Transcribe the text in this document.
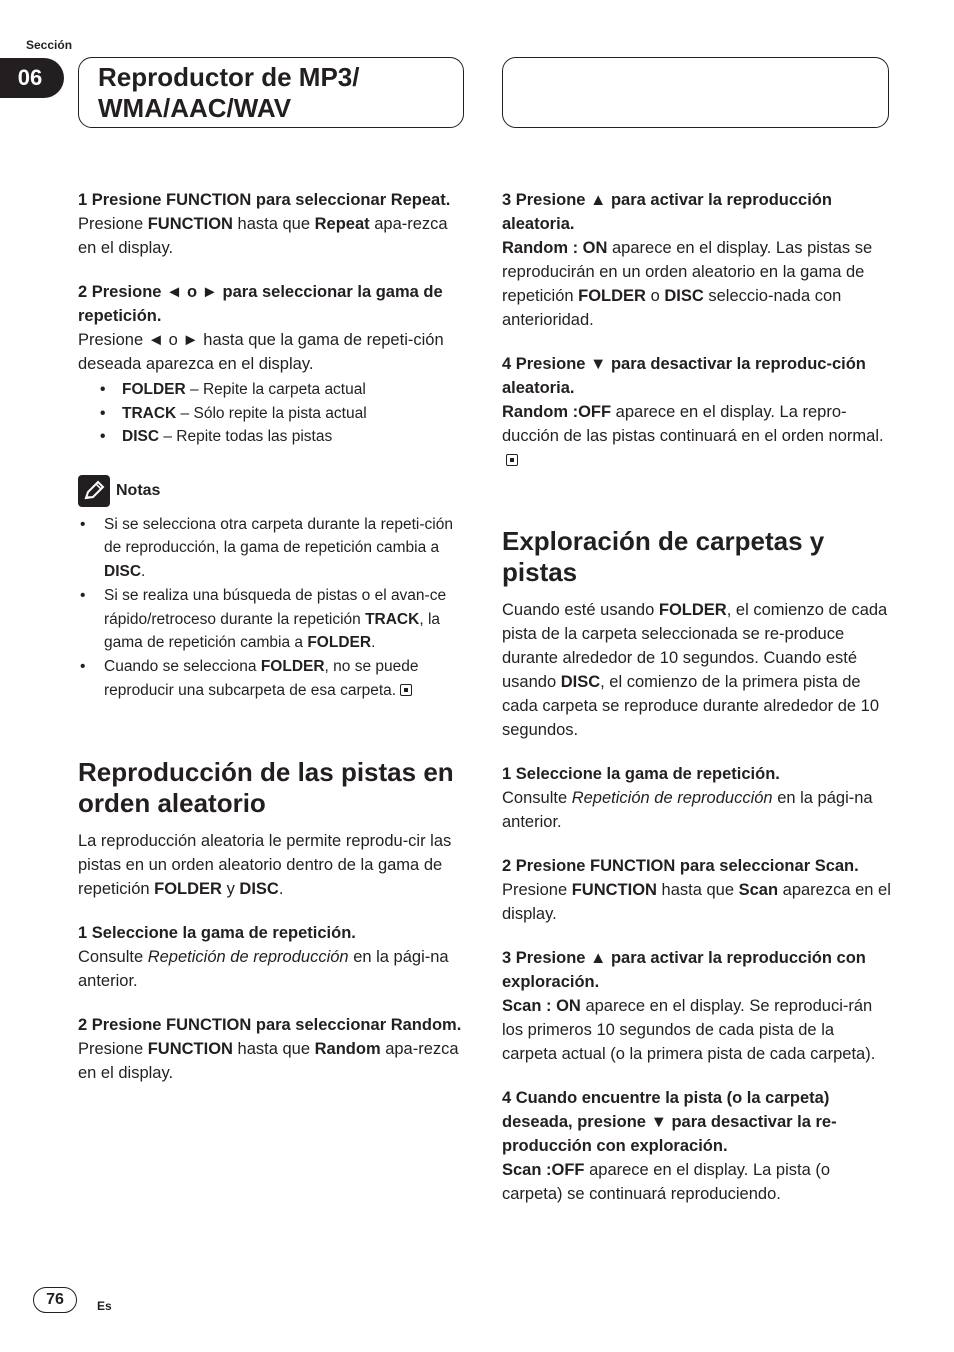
Sección
06	Reproductor de MP3/
WMA/AAC/WAV

1 Presione FUNCTION para seleccionar Repeat.

Presione FUNCTION hasta que Repeat apa-rezca en el display.

2 Presione ◄ o ► para seleccionar la gama de repetición.

Presione ◄ o ► hasta que la gama de repeti-ción deseada aparezca en el display.

• FOLDER – Repite la carpeta actual
• TRACK – Sólo repite la pista actual
• DISC – Repite todas las pistas
Notas
• Si se selecciona otra carpeta durante la repeti-ción de reproducción, la gama de repetición cambia a DISC.
• Si se realiza una búsqueda de pistas o el avan-ce rápido/retroceso durante la repetición TRACK, la gama de repetición cambia a FOLDER.
• Cuando se selecciona FOLDER, no se puede reproducir una subcarpeta de esa carpeta.

Reproducción de las pistas en orden aleatorio

La reproducción aleatoria le permite reprodu-cir las pistas en un orden aleatorio dentro de la gama de repetición FOLDER y DISC.

1 Seleccione la gama de repetición.

Consulte Repetición de reproducción en la pági-na anterior.

2 Presione FUNCTION para seleccionar Random.

Presione FUNCTION hasta que Random apa-rezca en el display.

3 Presione ▲ para activar la reproducción aleatoria.

Random : ON aparece en el display. Las pistas se reproducirán en un orden aleatorio en la gama de repetición FOLDER o DISC seleccio-nada con anterioridad.

4 Presione ▼ para desactivar la reproduc-ción aleatoria.

Random :OFF aparece en el display. La repro-ducción de las pistas continuará en el orden normal.

Exploración de carpetas y pistas

Cuando esté usando FOLDER, el comienzo de cada pista de la carpeta seleccionada se re-produce durante alrededor de 10 segundos. Cuando esté usando DISC, el comienzo de la primera pista de cada carpeta se reproduce durante alrededor de 10 segundos.

1 Seleccione la gama de repetición.

Consulte Repetición de reproducción en la pági-na anterior.

2 Presione FUNCTION para seleccionar Scan.

Presione FUNCTION hasta que Scan aparezca en el display.

3 Presione ▲ para activar la reproducción con exploración.

Scan : ON aparece en el display. Se reproduci-rán los primeros 10 segundos de cada pista de la carpeta actual (o la primera pista de cada carpeta).

4 Cuando encuentre la pista (o la carpeta) deseada, presione ▼ para desactivar la re-producción con exploración.

Scan :OFF aparece en el display. La pista (o carpeta) se continuará reproduciendo.

76	Es
